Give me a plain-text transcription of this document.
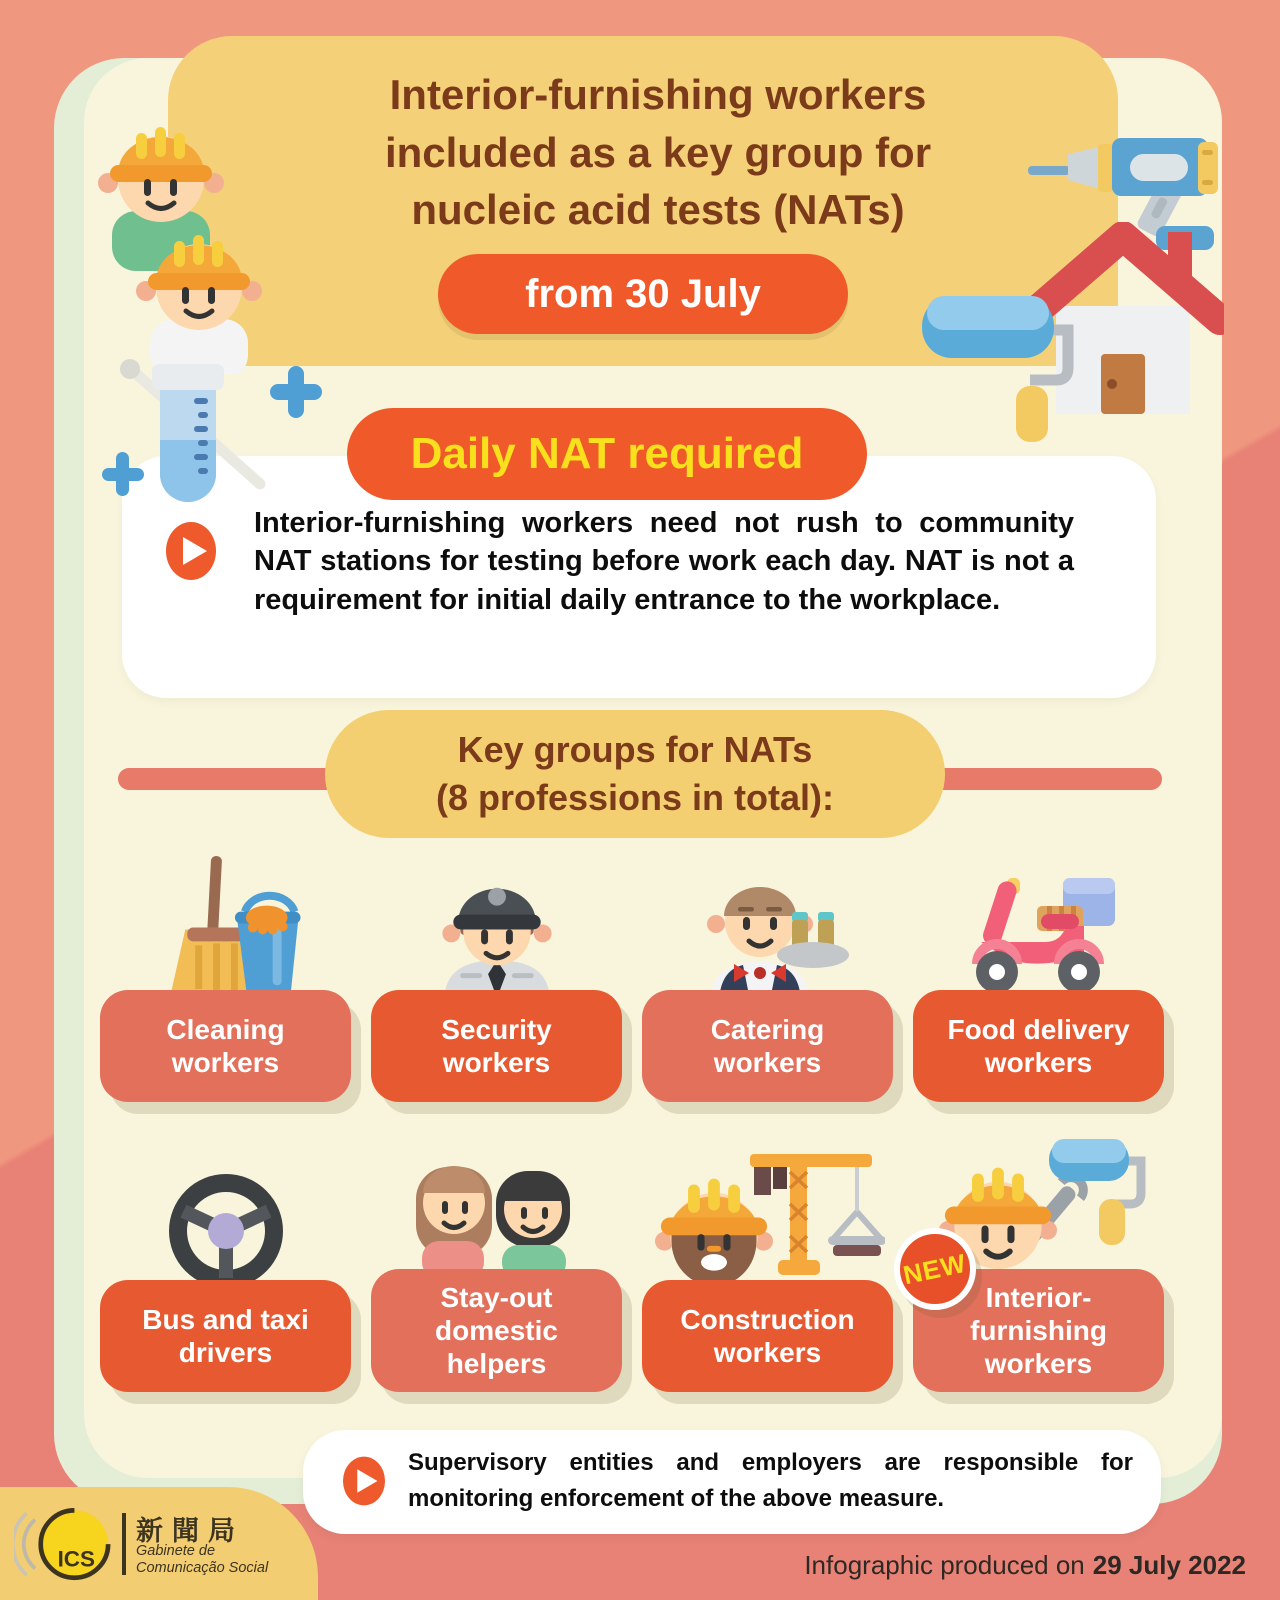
Interior-furnishing workers
included as a key group for
nucleic acid tests (NATs)
from 30 July
Daily NAT required
Interior-furnishing workers need not rush to community NAT stations for testing before work each day. NAT is not a requirement for initial daily entrance to the workplace.
Key groups for NATs
(8 professions in total):
Cleaning workers
Security workers
Catering workers
Food delivery workers
Bus and taxi drivers
Stay-out domestic helpers
Construction workers
Interior-furnishing workers
NEW
Supervisory entities and employers are responsible for monitoring enforcement of the above measure.
ICS
新聞局
Gabinete de
Comunicação Social	Infographic produced on 29 July 2022
